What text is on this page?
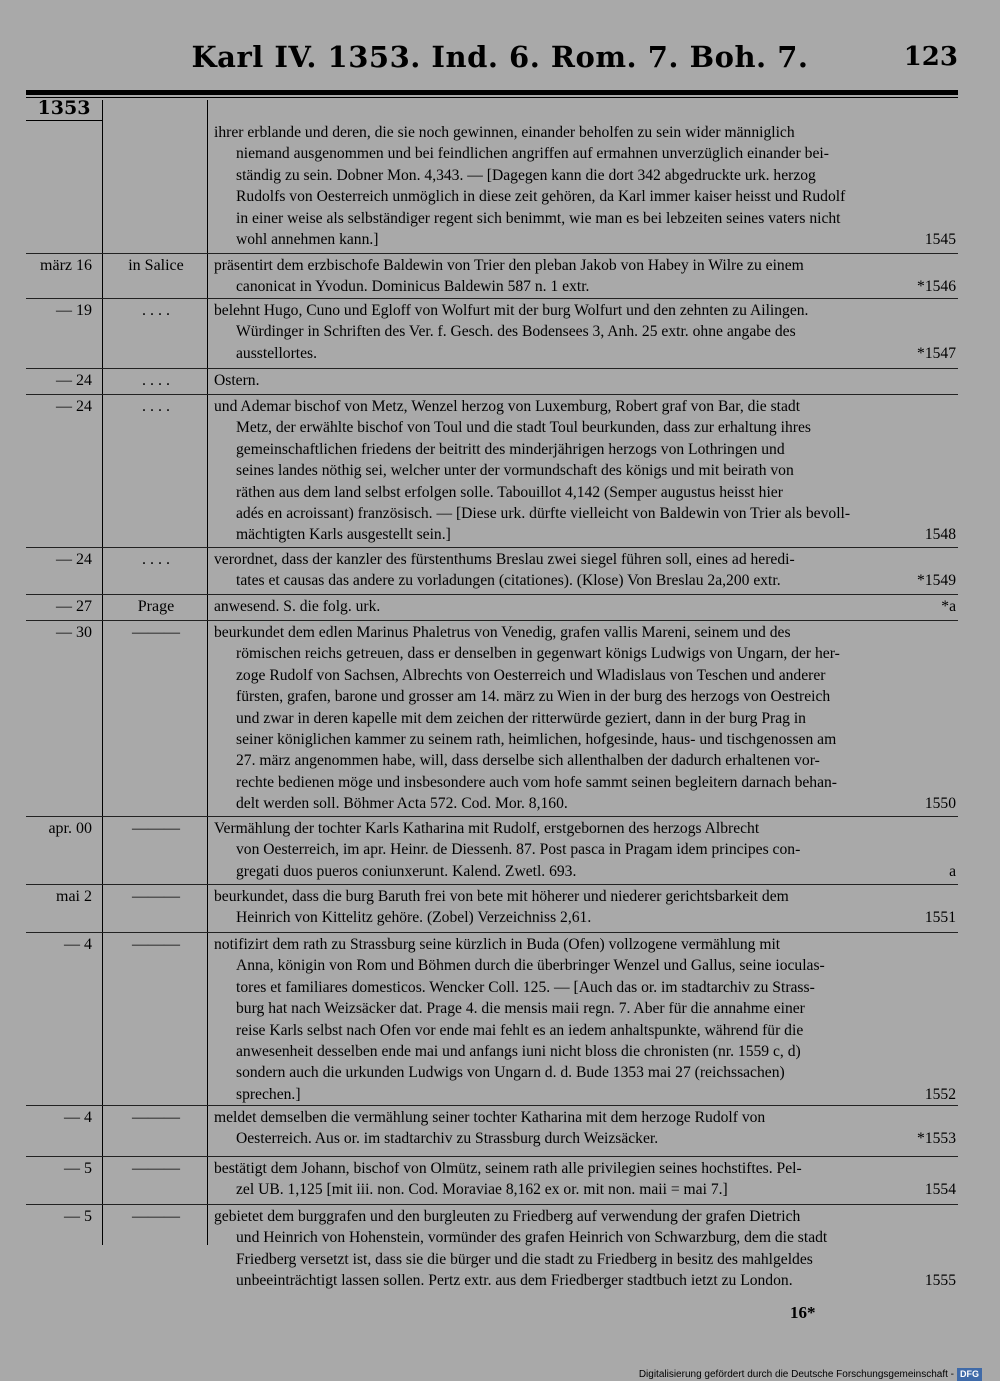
Karl IV. 1353. Ind. 6. Rom. 7. Boh. 7.	123
1353
ihrer erblande und deren, die sie noch gewinnen, einander beholfen zu sein wider männiglich
niemand ausgenommen und bei feindlichen angriffen auf ermahnen unverzüglich einander bei-
ständig zu sein. Dobner Mon. 4,343. — [Dagegen kann die dort 342 abgedruckte urk. herzog
Rudolfs von Oesterreich unmöglich in diese zeit gehören, da Karl immer kaiser heisst und Rudolf
in einer weise als selbständiger regent sich benimmt, wie man es bei lebzeiten seines vaters nicht
wohl annehmen kann.]	1545
märz 16	in Salice	präsentirt dem erzbischofe Baldewin von Trier den pleban Jakob von Habey in Wilre zu einem
canonicat in Yvodun. Dominicus Baldewin 587 n. 1 extr.	*1546
— 19	. . . .	belehnt Hugo, Cuno und Egloff von Wolfurt mit der burg Wolfurt und den zehnten zu Ailingen.
Würdinger in Schriften des Ver. f. Gesch. des Bodensees 3, Anh. 25 extr. ohne angabe des
ausstellortes.	*1547
— 24	. . . .	Ostern.
— 24	. . . .	und Ademar bischof von Metz, Wenzel herzog von Luxemburg, Robert graf von Bar, die stadt
Metz, der erwählte bischof von Toul und die stadt Toul beurkunden, dass zur erhaltung ihres
gemeinschaftlichen friedens der beitritt des minderjährigen herzogs von Lothringen und
seines landes nöthig sei, welcher unter der vormundschaft des königs und mit beirath von
räthen aus dem land selbst erfolgen solle. Tabouillot 4,142 (Semper augustus heisst hier
adés en acroissant) französisch. — [Diese urk. dürfte vielleicht von Baldewin von Trier als bevoll-
mächtigten Karls ausgestellt sein.]	1548
— 24	. . . .	verordnet, dass der kanzler des fürstenthums Breslau zwei siegel führen soll, eines ad heredi-
tates et causas das andere zu vorladungen (citationes). (Klose) Von Breslau 2a,200 extr.	*1549
— 27	Prage	anwesend. S. die folg. urk.	*a
— 30	———	beurkundet dem edlen Marinus Phaletrus von Venedig, grafen vallis Mareni, seinem und des
römischen reichs getreuen, dass er denselben in gegenwart königs Ludwigs von Ungarn, der her-
zoge Rudolf von Sachsen, Albrechts von Oesterreich und Wladislaus von Teschen und anderer
fürsten, grafen, barone und grosser am 14. märz zu Wien in der burg des herzogs von Oestreich
und zwar in deren kapelle mit dem zeichen der ritterwürde geziert, dann in der burg Prag in
seiner königlichen kammer zu seinem rath, heimlichen, hofgesinde, haus- und tischgenossen am
27. märz angenommen habe, will, dass derselbe sich allenthalben der dadurch erhaltenen vor-
rechte bedienen möge und insbesondere auch vom hofe sammt seinen begleitern darnach behan-
delt werden soll. Böhmer Acta 572. Cod. Mor. 8,160.	1550
apr. 00	———	Vermählung der tochter Karls Katharina mit Rudolf, erstgebornen des herzogs Albrecht
von Oesterreich, im apr. Heinr. de Diessenh. 87. Post pasca in Pragam idem principes con-
gregati duos pueros coniunxerunt. Kalend. Zwetl. 693.	a
mai 2	———	beurkundet, dass die burg Baruth frei von bete mit höherer und niederer gerichtsbarkeit dem
Heinrich von Kittelitz gehöre. (Zobel) Verzeichniss 2,61.	1551
— 4	———	notifizirt dem rath zu Strassburg seine kürzlich in Buda (Ofen) vollzogene vermählung mit
Anna, königin von Rom und Böhmen durch die überbringer Wenzel und Gallus, seine ioculas-
tores et familiares domesticos. Wencker Coll. 125. — [Auch das or. im stadtarchiv zu Strass-
burg hat nach Weizsäcker dat. Prage 4. die mensis maii regn. 7. Aber für die annahme einer
reise Karls selbst nach Ofen vor ende mai fehlt es an iedem anhaltspunkte, während für die
anwesenheit desselben ende mai und anfangs iuni nicht bloss die chronisten (nr. 1559 c, d)
sondern auch die urkunden Ludwigs von Ungarn d. d. Bude 1353 mai 27 (reichssachen)
sprechen.]	1552
— 4	———	meldet demselben die vermählung seiner tochter Katharina mit dem herzoge Rudolf von
Oesterreich. Aus or. im stadtarchiv zu Strassburg durch Weizsäcker.	*1553
— 5	———	bestätigt dem Johann, bischof von Olmütz, seinem rath alle privilegien seines hochstiftes. Pel-
zel UB. 1,125 [mit iii. non. Cod. Moraviae 8,162 ex or. mit non. maii = mai 7.]	1554
— 5	———	gebietet dem burggrafen und den burgleuten zu Friedberg auf verwendung der grafen Dietrich
und Heinrich von Hohenstein, vormünder des grafen Heinrich von Schwarzburg, dem die stadt
Friedberg versetzt ist, dass sie die bürger und die stadt zu Friedberg in besitz des mahlgeldes
unbeeinträchtigt lassen sollen. Pertz extr. aus dem Friedberger stadtbuch ietzt zu London.	1555
16*
Digitalisierung gefördert durch die Deutsche Forschungsgemeinschaft - DFG
